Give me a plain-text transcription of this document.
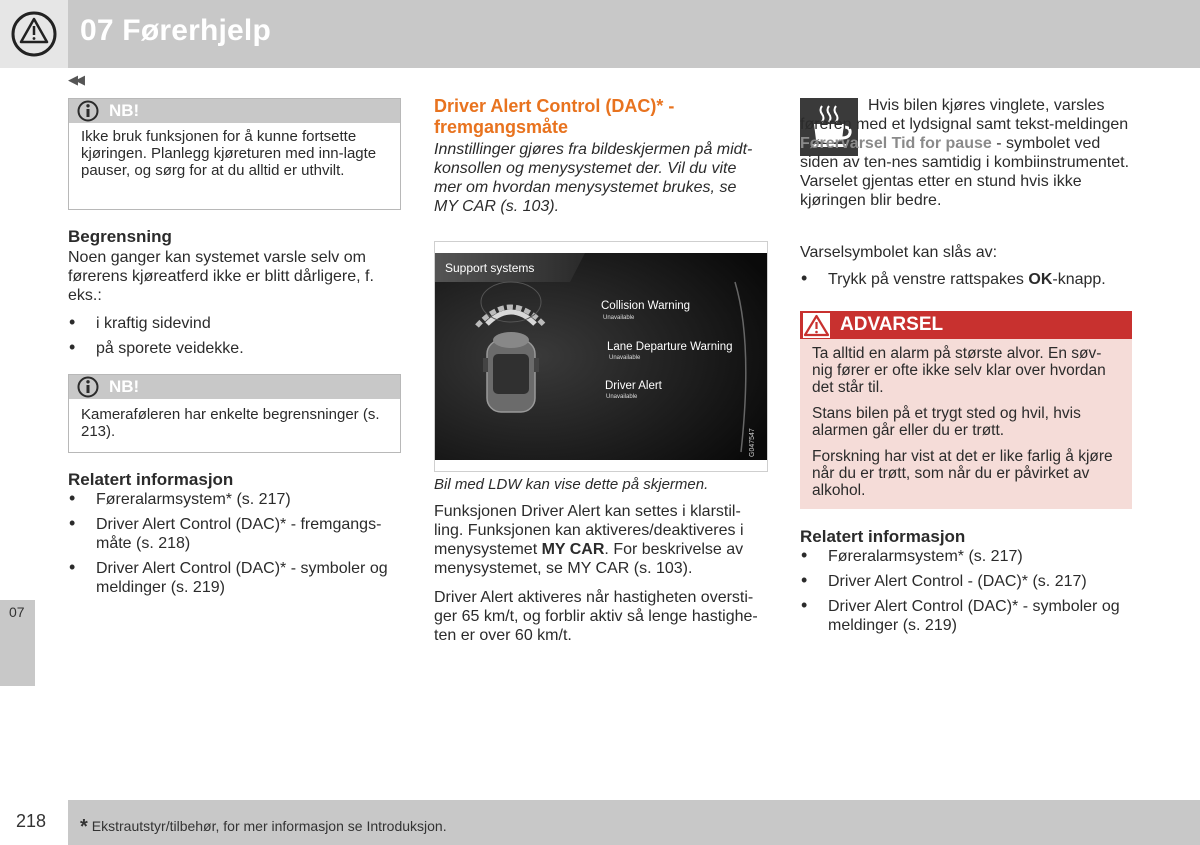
07 Førerhjelp
◀◀
NB!
Ikke bruk funksjonen for å kunne fortsette kjøringen. Planlegg kjøreturen med inn-lagte pauser, og sørg for at du alltid er uthvilt.
Begrensning
Noen ganger kan systemet varsle selv om førerens kjøreatferd ikke er blitt dårligere, f. eks.:
• i kraftig sidevind
• på sporete veidekke.
NB!
Kameraføleren har enkelte begrensninger (s. 213).
Relatert informasjon
• Føreralarmsystem* (s. 217)
• Driver Alert Control (DAC)* - fremgangs-måte (s. 218)
• Driver Alert Control (DAC)* - symboler og meldinger (s. 219)
Driver Alert Control (DAC)* - fremgangsmåte
Innstillinger gjøres fra bildeskjermen på midt-konsollen og menysystemet der. Vil du vite mer om hvordan menysystemet brukes, se MY CAR (s. 103).
Support systems
Collision Warning
Unavailable
Lane Departure Warning
Unavailable
Driver Alert
Unavailable
G047547
Bil med LDW kan vise dette på skjermen.
Funksjonen Driver Alert kan settes i klarstil-ling. Funksjonen kan aktiveres/deaktiveres i menysystemet MY CAR. For beskrivelse av menysystemet, se MY CAR (s. 103).
Driver Alert aktiveres når hastigheten oversti-ger 65 km/t, og forblir aktiv så lenge hastighe-ten er over 60 km/t.
Hvis bilen kjøres vinglete, varsles føreren med et lydsignal samt tekst-meldingen Førervarsel Tid for pause - symbolet ved siden av ten-nes samtidig i kombiinstrumentet. Varselet gjentas etter en stund hvis ikke kjøringen blir bedre.
Varselsymbolet kan slås av:
• Trykk på venstre rattspakes OK-knapp.
ADVARSEL
Ta alltid en alarm på største alvor. En søv-nig fører er ofte ikke selv klar over hvordan det står til.
Stans bilen på et trygt sted og hvil, hvis alarmen går eller du er trøtt.
Forskning har vist at det er like farlig å kjøre når du er trøtt, som når du er påvirket av alkohol.
Relatert informasjon
• Føreralarmsystem* (s. 217)
• Driver Alert Control - (DAC)* (s. 217)
• Driver Alert Control (DAC)* - symboler og meldinger (s. 219)
07
218 * Ekstrautstyr/tilbehør, for mer informasjon se Introduksjon.
